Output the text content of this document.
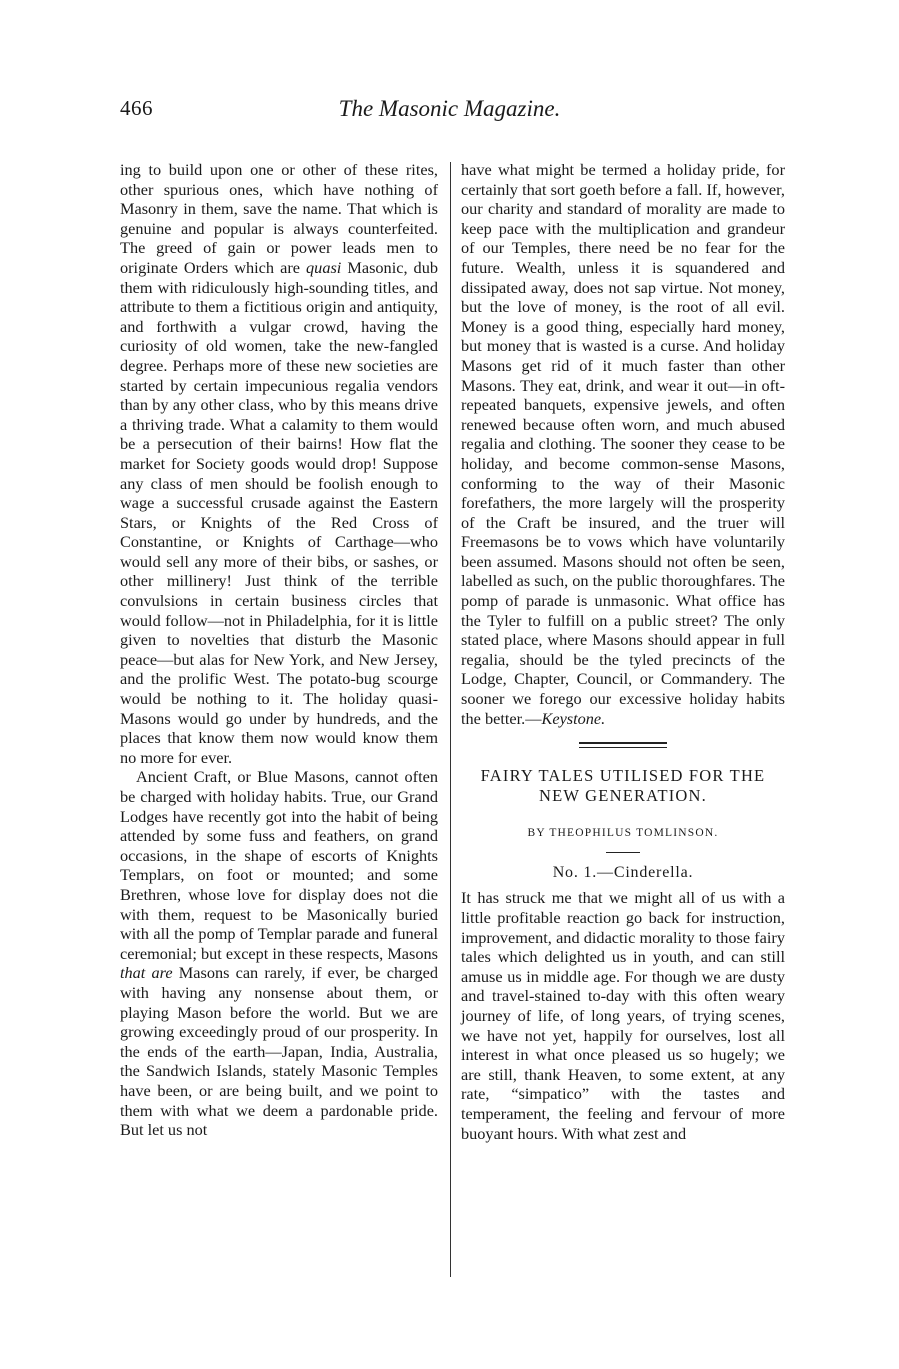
466	The Masonic Magazine.

ing to build upon one or other of these rites, other spurious ones, which have nothing of Masonry in them, save the name. That which is genuine and popular is always counterfeited. The greed of gain or power leads men to originate Orders which are quasi Masonic, dub them with ridiculously high-sounding titles, and attribute to them a fictitious origin and antiquity, and forthwith a vulgar crowd, having the curiosity of old women, take the new-fangled degree. Perhaps more of these new societies are started by certain impecunious regalia vendors than by any other class, who by this means drive a thriving trade. What a calamity to them would be a persecution of their bairns! How flat the market for Society goods would drop! Suppose any class of men should be foolish enough to wage a successful crusade against the Eastern Stars, or Knights of the Red Cross of Constantine, or Knights of Carthage—who would sell any more of their bibs, or sashes, or other millinery! Just think of the terrible convulsions in certain business circles that would follow—not in Philadelphia, for it is little given to novelties that disturb the Masonic peace—but alas for New York, and New Jersey, and the prolific West. The potato-bug scourge would be nothing to it. The holiday quasi-Masons would go under by hundreds, and the places that know them now would know them no more for ever.

Ancient Craft, or Blue Masons, cannot often be charged with holiday habits. True, our Grand Lodges have recently got into the habit of being attended by some fuss and feathers, on grand occasions, in the shape of escorts of Knights Templars, on foot or mounted; and some Brethren, whose love for display does not die with them, request to be Masonically buried with all the pomp of Templar parade and funeral ceremonial; but except in these respects, Masons that are Masons can rarely, if ever, be charged with having any nonsense about them, or playing Mason before the world. But we are growing exceedingly proud of our prosperity. In the ends of the earth—Japan, India, Australia, the Sandwich Islands, stately Masonic Temples have been, or are being built, and we point to them with what we deem a pardonable pride. But let us not

have what might be termed a holiday pride, for certainly that sort goeth before a fall. If, however, our charity and standard of morality are made to keep pace with the multiplication and grandeur of our Temples, there need be no fear for the future. Wealth, unless it is squandered and dissipated away, does not sap virtue. Not money, but the love of money, is the root of all evil. Money is a good thing, especially hard money, but money that is wasted is a curse. And holiday Masons get rid of it much faster than other Masons. They eat, drink, and wear it out—in oft-repeated banquets, expensive jewels, and often renewed because often worn, and much abused regalia and clothing. The sooner they cease to be holiday, and become common-sense Masons, conforming to the way of their Masonic forefathers, the more largely will the prosperity of the Craft be insured, and the truer will Freemasons be to vows which have voluntarily been assumed. Masons should not often be seen, labelled as such, on the public thoroughfares. The pomp of parade is unmasonic. What office has the Tyler to fulfill on a public street? The only stated place, where Masons should appear in full regalia, should be the tyled precincts of the Lodge, Chapter, Council, or Commandery. The sooner we forego our excessive holiday habits the better.—Keystone.

FAIRY TALES UTILISED FOR THE NEW GENERATION.
BY THEOPHILUS TOMLINSON.
No. 1.—Cinderella.

It has struck me that we might all of us with a little profitable reaction go back for instruction, improvement, and didactic morality to those fairy tales which delighted us in youth, and can still amuse us in middle age. For though we are dusty and travel-stained to-day with this often weary journey of life, of long years, of trying scenes, we have not yet, happily for ourselves, lost all interest in what once pleased us so hugely; we are still, thank Heaven, to some extent, at any rate, “simpatico” with the tastes and temperament, the feeling and fervour of more buoyant hours. With what zest and
